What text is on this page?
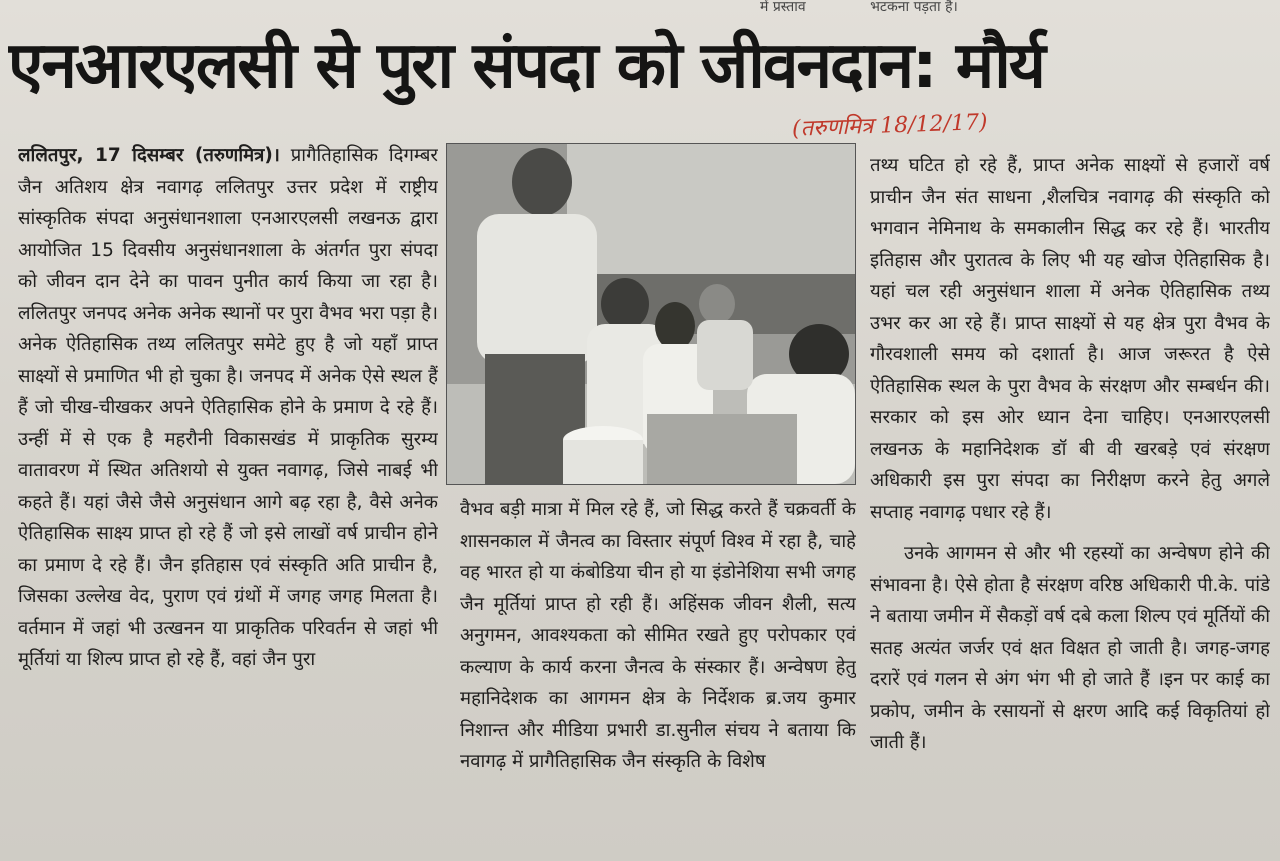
में प्रस्ताव	भटकना पड़ता है।
एनआरएलसी से पुरा संपदा को जीवनदान: मौर्य
(तरुणमित्र 18/12/17)

ललितपुर, 17 दिसम्बर (तरुणमित्र)। प्रागैतिहासिक दिगम्बर जैन अतिशय क्षेत्र नवागढ़ ललितपुर उत्तर प्रदेश में राष्ट्रीय सांस्कृतिक संपदा अनुसंधानशाला एनआरएलसी लखनऊ द्वारा आयोजित 15 दिवसीय अनुसंधानशाला के अंतर्गत पुरा संपदा को जीवन दान देने का पावन पुनीत कार्य किया जा रहा है। ललितपुर जनपद अनेक अनेक स्थानों पर पुरा वैभव भरा पड़ा है। अनेक ऐतिहासिक तथ्य ललितपुर समेटे हुए है जो यहाँ प्राप्त साक्ष्यों से प्रमाणित भी हो चुका है। जनपद में अनेक ऐसे स्थल हैं हैं जो चीख-चीखकर अपने ऐतिहासिक होने के प्रमाण दे रहे हैं। उन्हीं में से एक है महरौनी विकासखंड में प्राकृतिक सुरम्य वातावरण में स्थित अतिशयो से युक्त नवागढ़, जिसे नाबई भी कहते हैं। यहां जैसे जैसे अनुसंधान आगे बढ़ रहा है, वैसे अनेक ऐतिहासिक साक्ष्य प्राप्त हो रहे हैं जो इसे लाखों वर्ष प्राचीन होने का प्रमाण दे रहे हैं। जैन इतिहास एवं संस्कृति अति प्राचीन है, जिसका उल्लेख वेद, पुराण एवं ग्रंथों में जगह जगह मिलता है। वर्तमान में जहां भी उत्खनन या प्राकृतिक परिवर्तन से जहां भी मूर्तियां या शिल्प प्राप्त हो रहे हैं, वहां जैन पुरा

वैभव बड़ी मात्रा में मिल रहे हैं, जो सिद्ध करते हैं चक्रवर्ती के शासनकाल में जैनत्व का विस्तार संपूर्ण विश्व में रहा है, चाहे वह भारत हो या कंबोडिया चीन हो या इंडोनेशिया सभी जगह जैन मूर्तियां प्राप्त हो रही हैं। अहिंसक जीवन शैली, सत्य अनुगमन, आवश्यकता को सीमित रखते हुए परोपकार एवं कल्याण के कार्य करना जैनत्व के संस्कार हैं। अन्वेषण हेतु महानिदेशक का आगमन क्षेत्र के निर्देशक ब्र.जय कुमार निशान्त और मीडिया प्रभारी डा.सुनील संचय ने बताया कि नवागढ़ में प्रागैतिहासिक जैन संस्कृति के विशेष

तथ्य घटित हो रहे हैं, प्राप्त अनेक साक्ष्यों से हजारों वर्ष प्राचीन जैन संत साधना ,शैलचित्र नवागढ़ की संस्कृति को भगवान नेमिनाथ के समकालीन सिद्ध कर रहे हैं। भारतीय इतिहास और पुरातत्व के लिए भी यह खोज ऐतिहासिक है। यहां चल रही अनुसंधान शाला में अनेक ऐतिहासिक तथ्य उभर कर आ रहे हैं। प्राप्त साक्ष्यों से यह क्षेत्र पुरा वैभव के गौरवशाली समय को दशार्ता है। आज जरूरत है ऐसे ऐतिहासिक स्थल के पुरा वैभव के संरक्षण और सम्बर्धन की। सरकार को इस ओर ध्यान देना चाहिए। एनआरएलसी लखनऊ के महानिदेशक डॉ बी वी खरबड़े एवं संरक्षण अधिकारी इस पुरा संपदा का निरीक्षण करने हेतु अगले सप्ताह नवागढ़ पधार रहे हैं।

उनके आगमन से और भी रहस्यों का अन्वेषण होने की संभावना है। ऐसे होता है संरक्षण वरिष्ठ अधिकारी पी.के. पांडे ने बताया जमीन में सैकड़ों वर्ष दबे कला शिल्प एवं मूर्तियों की सतह अत्यंत जर्जर एवं क्षत विक्षत हो जाती है। जगह-जगह दरारें एवं गलन से अंग भंग भी हो जाते हैं ।इन पर काई का प्रकोप, जमीन के रसायनों से क्षरण आदि कई विकृतियां हो जाती हैं।
